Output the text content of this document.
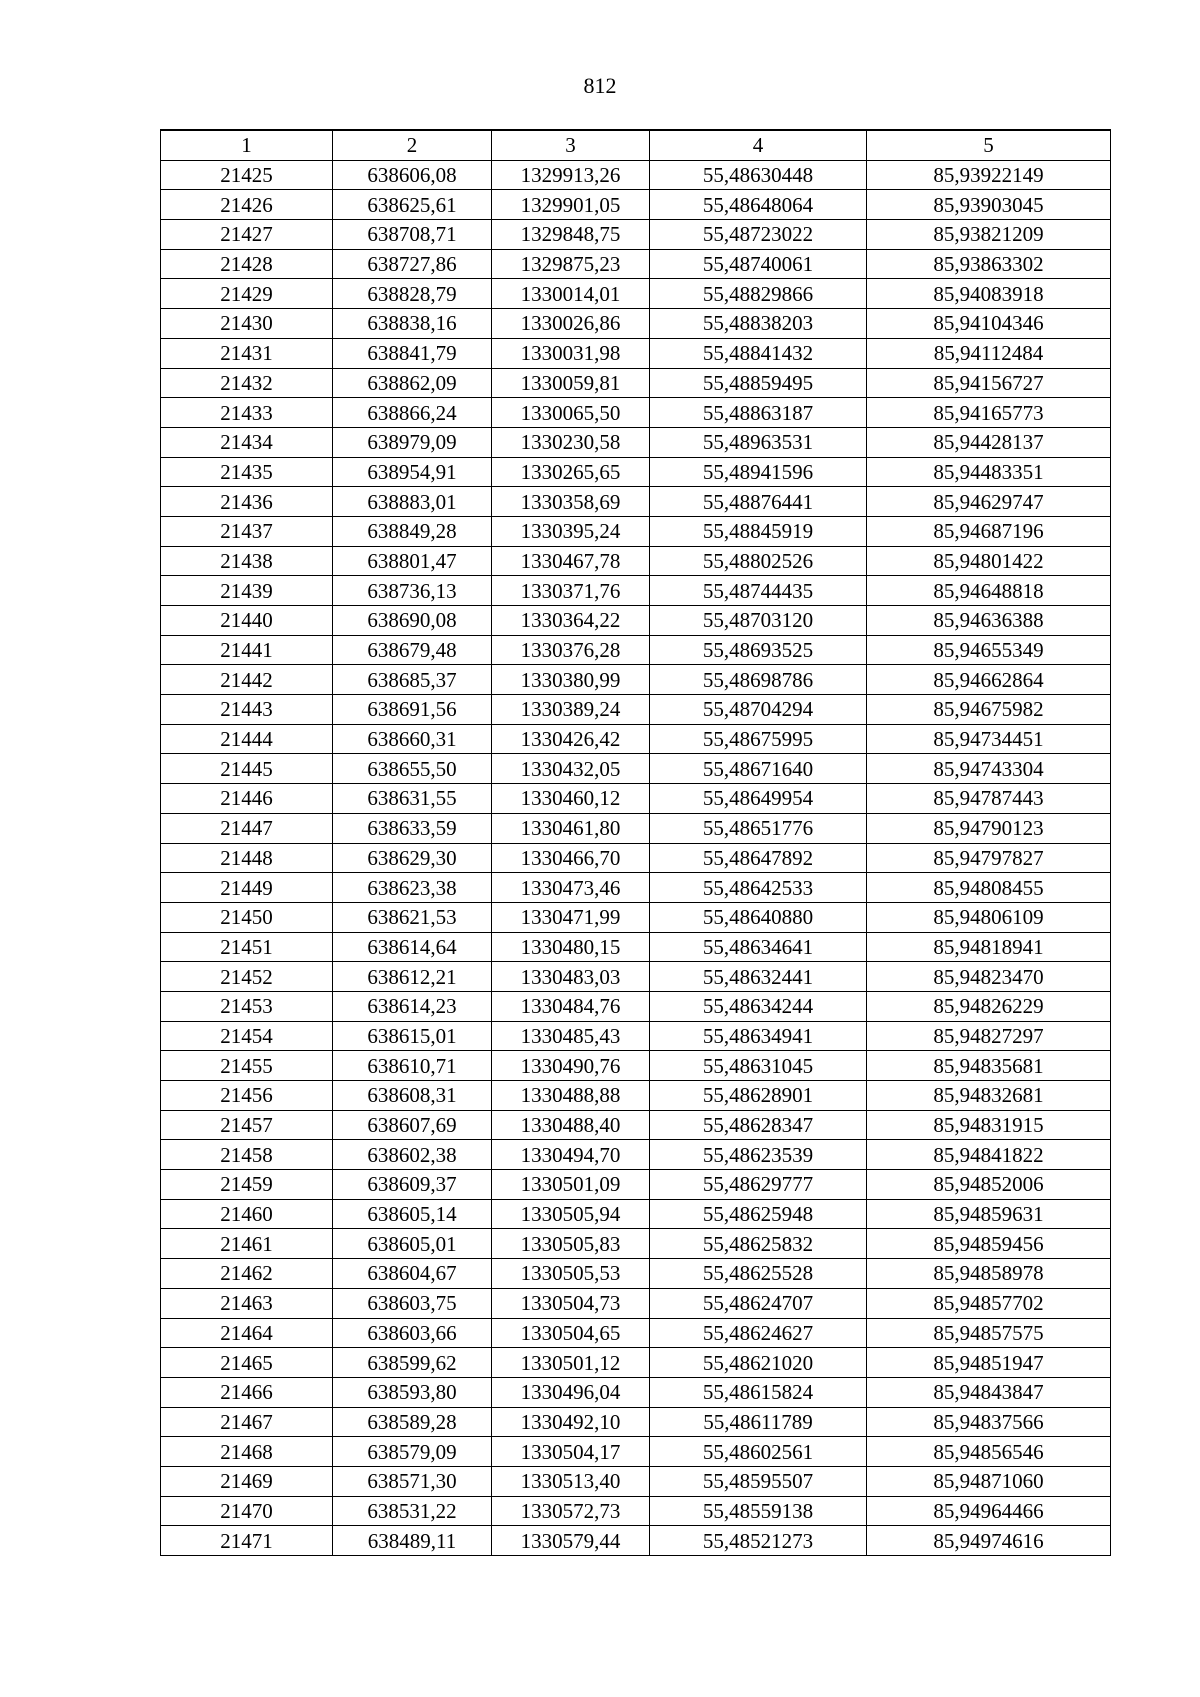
812
1	2	3	4	5
21425	638606,08	1329913,26	55,48630448	85,93922149
21426	638625,61	1329901,05	55,48648064	85,93903045
21427	638708,71	1329848,75	55,48723022	85,93821209
21428	638727,86	1329875,23	55,48740061	85,93863302
21429	638828,79	1330014,01	55,48829866	85,94083918
21430	638838,16	1330026,86	55,48838203	85,94104346
21431	638841,79	1330031,98	55,48841432	85,94112484
21432	638862,09	1330059,81	55,48859495	85,94156727
21433	638866,24	1330065,50	55,48863187	85,94165773
21434	638979,09	1330230,58	55,48963531	85,94428137
21435	638954,91	1330265,65	55,48941596	85,94483351
21436	638883,01	1330358,69	55,48876441	85,94629747
21437	638849,28	1330395,24	55,48845919	85,94687196
21438	638801,47	1330467,78	55,48802526	85,94801422
21439	638736,13	1330371,76	55,48744435	85,94648818
21440	638690,08	1330364,22	55,48703120	85,94636388
21441	638679,48	1330376,28	55,48693525	85,94655349
21442	638685,37	1330380,99	55,48698786	85,94662864
21443	638691,56	1330389,24	55,48704294	85,94675982
21444	638660,31	1330426,42	55,48675995	85,94734451
21445	638655,50	1330432,05	55,48671640	85,94743304
21446	638631,55	1330460,12	55,48649954	85,94787443
21447	638633,59	1330461,80	55,48651776	85,94790123
21448	638629,30	1330466,70	55,48647892	85,94797827
21449	638623,38	1330473,46	55,48642533	85,94808455
21450	638621,53	1330471,99	55,48640880	85,94806109
21451	638614,64	1330480,15	55,48634641	85,94818941
21452	638612,21	1330483,03	55,48632441	85,94823470
21453	638614,23	1330484,76	55,48634244	85,94826229
21454	638615,01	1330485,43	55,48634941	85,94827297
21455	638610,71	1330490,76	55,48631045	85,94835681
21456	638608,31	1330488,88	55,48628901	85,94832681
21457	638607,69	1330488,40	55,48628347	85,94831915
21458	638602,38	1330494,70	55,48623539	85,94841822
21459	638609,37	1330501,09	55,48629777	85,94852006
21460	638605,14	1330505,94	55,48625948	85,94859631
21461	638605,01	1330505,83	55,48625832	85,94859456
21462	638604,67	1330505,53	55,48625528	85,94858978
21463	638603,75	1330504,73	55,48624707	85,94857702
21464	638603,66	1330504,65	55,48624627	85,94857575
21465	638599,62	1330501,12	55,48621020	85,94851947
21466	638593,80	1330496,04	55,48615824	85,94843847
21467	638589,28	1330492,10	55,48611789	85,94837566
21468	638579,09	1330504,17	55,48602561	85,94856546
21469	638571,30	1330513,40	55,48595507	85,94871060
21470	638531,22	1330572,73	55,48559138	85,94964466
21471	638489,11	1330579,44	55,48521273	85,94974616
